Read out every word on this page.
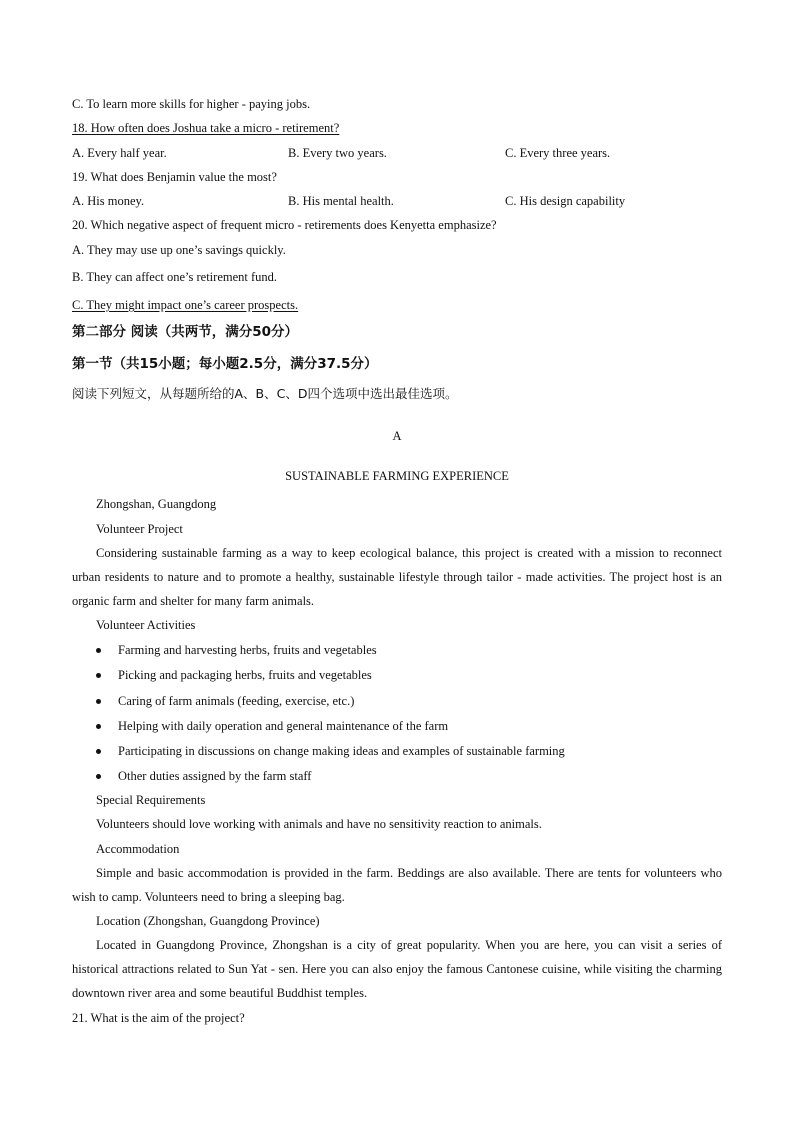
C. To learn more skills for higher - paying jobs.
18. How often does Joshua take a micro - retirement?
A. Every half year.	B. Every two years.	C. Every three years.
19. What does Benjamin value the most?
A. His money.	B. His mental health.	C. His design capability
20. Which negative aspect of frequent micro - retirements does Kenyetta emphasize?
A. They may use up one’s savings quickly.
B. They can affect one’s retirement fund.
C. They might impact one’s career prospects.
第二部分 阅读（共两节，满分50分）
第一节（共15小题；每小题2.5分，满分37.5分）
阅读下列短文，从每题所给的A、B、C、D四个选项中选出最佳选项。
A
SUSTAINABLE FARMING EXPERIENCE
Zhongshan, Guangdong
Volunteer Project
Considering sustainable farming as a way to keep ecological balance, this project is created with a mission to reconnect urban residents to nature and to promote a healthy, sustainable lifestyle through tailor - made activities. The project host is an organic farm and shelter for many farm animals.
Volunteer Activities
Farming and harvesting herbs, fruits and vegetables
Picking and packaging herbs, fruits and vegetables
Caring of farm animals (feeding, exercise, etc.)
Helping with daily operation and general maintenance of the farm
Participating in discussions on change making ideas and examples of sustainable farming
Other duties assigned by the farm staff
Special Requirements
Volunteers should love working with animals and have no sensitivity reaction to animals.
Accommodation
Simple and basic accommodation is provided in the farm. Beddings are also available. There are tents for volunteers who wish to camp. Volunteers need to bring a sleeping bag.
Location (Zhongshan, Guangdong Province)
Located in Guangdong Province, Zhongshan is a city of great popularity. When you are here, you can visit a series of historical attractions related to Sun Yat - sen. Here you can also enjoy the famous Cantonese cuisine, while visiting the charming downtown river area and some beautiful Buddhist temples.
21. What is the aim of the project?
